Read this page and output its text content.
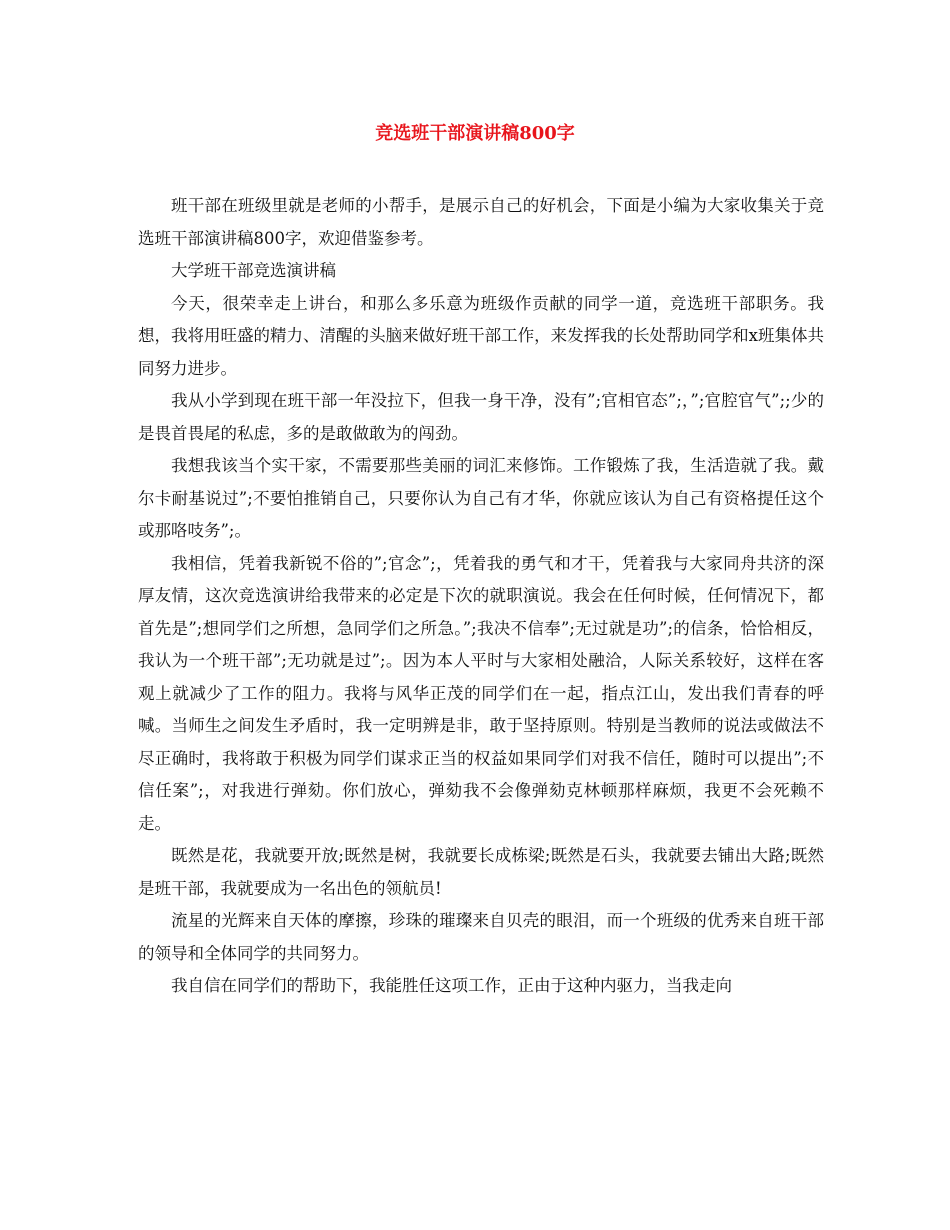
竞选班干部演讲稿800字

班干部在班级里就是老师的小帮手，是展示自己的好机会，下面是小编为大家收集关于竞选班干部演讲稿800字，欢迎借鉴参考。

大学班干部竞选演讲稿

今天，很荣幸走上讲台，和那么多乐意为班级作贡献的同学一道，竞选班干部职务。我想，我将用旺盛的精力、清醒的头脑来做好班干部工作，来发挥我的长处帮助同学和x班集体共同努力进步。

我从小学到现在班干部一年没拉下，但我一身干净，没有”;官相官态”;，”;官腔官气”;;少的是畏首畏尾的私虑，多的是敢做敢为的闯劲。

我想我该当个实干家，不需要那些美丽的词汇来修饰。工作锻炼了我，生活造就了我。戴尔卡耐基说过”;不要怕推销自己，只要你认为自己有才华，你就应该认为自己有资格提任这个或那咯吱务”;。

我相信，凭着我新锐不俗的”;官念”;，凭着我的勇气和才干，凭着我与大家同舟共济的深厚友情，这次竞选演讲给我带来的必定是下次的就职演说。我会在任何时候，任何情况下，都首先是”;想同学们之所想，急同学们之所急。”;我决不信奉”;无过就是功”;的信条，恰恰相反，我认为一个班干部”;无功就是过”;。因为本人平时与大家相处融洽，人际关系较好，这样在客观上就减少了工作的阻力。我将与风华正茂的同学们在一起，指点江山，发出我们青春的呼喊。当师生之间发生矛盾时，我一定明辨是非，敢于坚持原则。特别是当教师的说法或做法不尽正确时，我将敢于积极为同学们谋求正当的权益如果同学们对我不信任，随时可以提出”;不信任案”;，对我进行弹劾。你们放心，弹劾我不会像弹劾克林顿那样麻烦，我更不会死赖不走。

既然是花，我就要开放;既然是树，我就要长成栋梁;既然是石头，我就要去铺出大路;既然是班干部，我就要成为一名出色的领航员!

流星的光辉来自天体的摩擦，珍珠的璀璨来自贝壳的眼泪，而一个班级的优秀来自班干部的领导和全体同学的共同努力。

我自信在同学们的帮助下，我能胜任这项工作，正由于这种内驱力，当我走向
